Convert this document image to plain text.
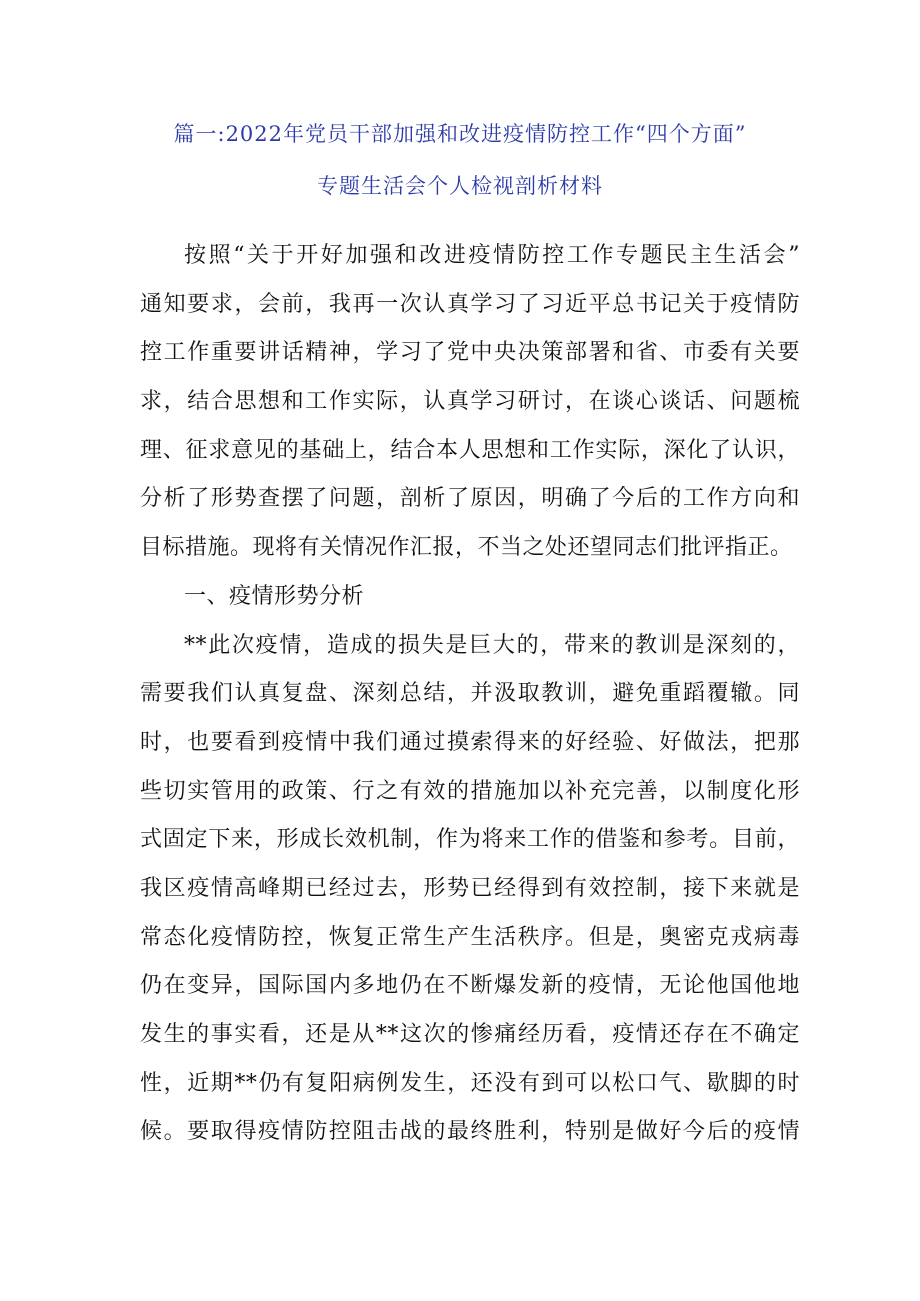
篇一:2022年党员干部加强和改进疫情防控工作“四个方面”
专题生活会个人检视剖析材料
按照“关于开好加强和改进疫情防控工作专题民主生活会”
通知要求，会前，我再一次认真学习了习近平总书记关于疫情防
控工作重要讲话精神，学习了党中央决策部署和省、市委有关要
求，结合思想和工作实际，认真学习研讨，在谈心谈话、问题梳
理、征求意见的基础上，结合本人思想和工作实际，深化了认识，
分析了形势查摆了问题，剖析了原因，明确了今后的工作方向和
目标措施。现将有关情况作汇报，不当之处还望同志们批评指正。
一、疫情形势分析
**此次疫情，造成的损失是巨大的，带来的教训是深刻的，
需要我们认真复盘、深刻总结，并汲取教训，避免重蹈覆辙。同
时，也要看到疫情中我们通过摸索得来的好经验、好做法，把那
些切实管用的政策、行之有效的措施加以补充完善，以制度化形
式固定下来，形成长效机制，作为将来工作的借鉴和参考。目前，
我区疫情高峰期已经过去，形势已经得到有效控制，接下来就是
常态化疫情防控，恢复正常生产生活秩序。但是，奥密克戎病毒
仍在变异，国际国内多地仍在不断爆发新的疫情，无论他国他地
发生的事实看，还是从**这次的惨痛经历看，疫情还存在不确定
性，近期**仍有复阳病例发生，还没有到可以松口气、歇脚的时
候。要取得疫情防控阻击战的最终胜利，特别是做好今后的疫情
